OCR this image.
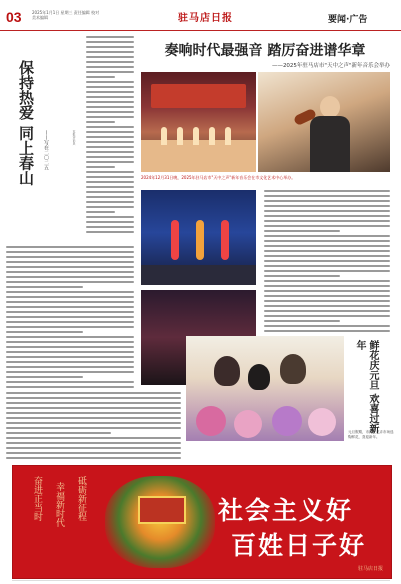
03	2025年1月1日 星期三 责任编辑 校对 美术编辑	驻马店日报	要闻·广告
保持热爱 同上春山 ——写在二〇二五	本报评论员
奏响时代最强音 踏厉奋进谱华章
——2025年驻马店市"天中之声"新年音乐会举办
2024年12月31日晚，2025年驻马店市"天中之声"新年音乐会在市文化艺术中心举办。
鲜花庆元旦 欢喜过新年
元旦假期，市民在花卉市场选购鲜花，喜迎新年。
奋进正当时 幸福新时代 砥砺新征程	社会主义好
百姓日子好
驻马店日报
